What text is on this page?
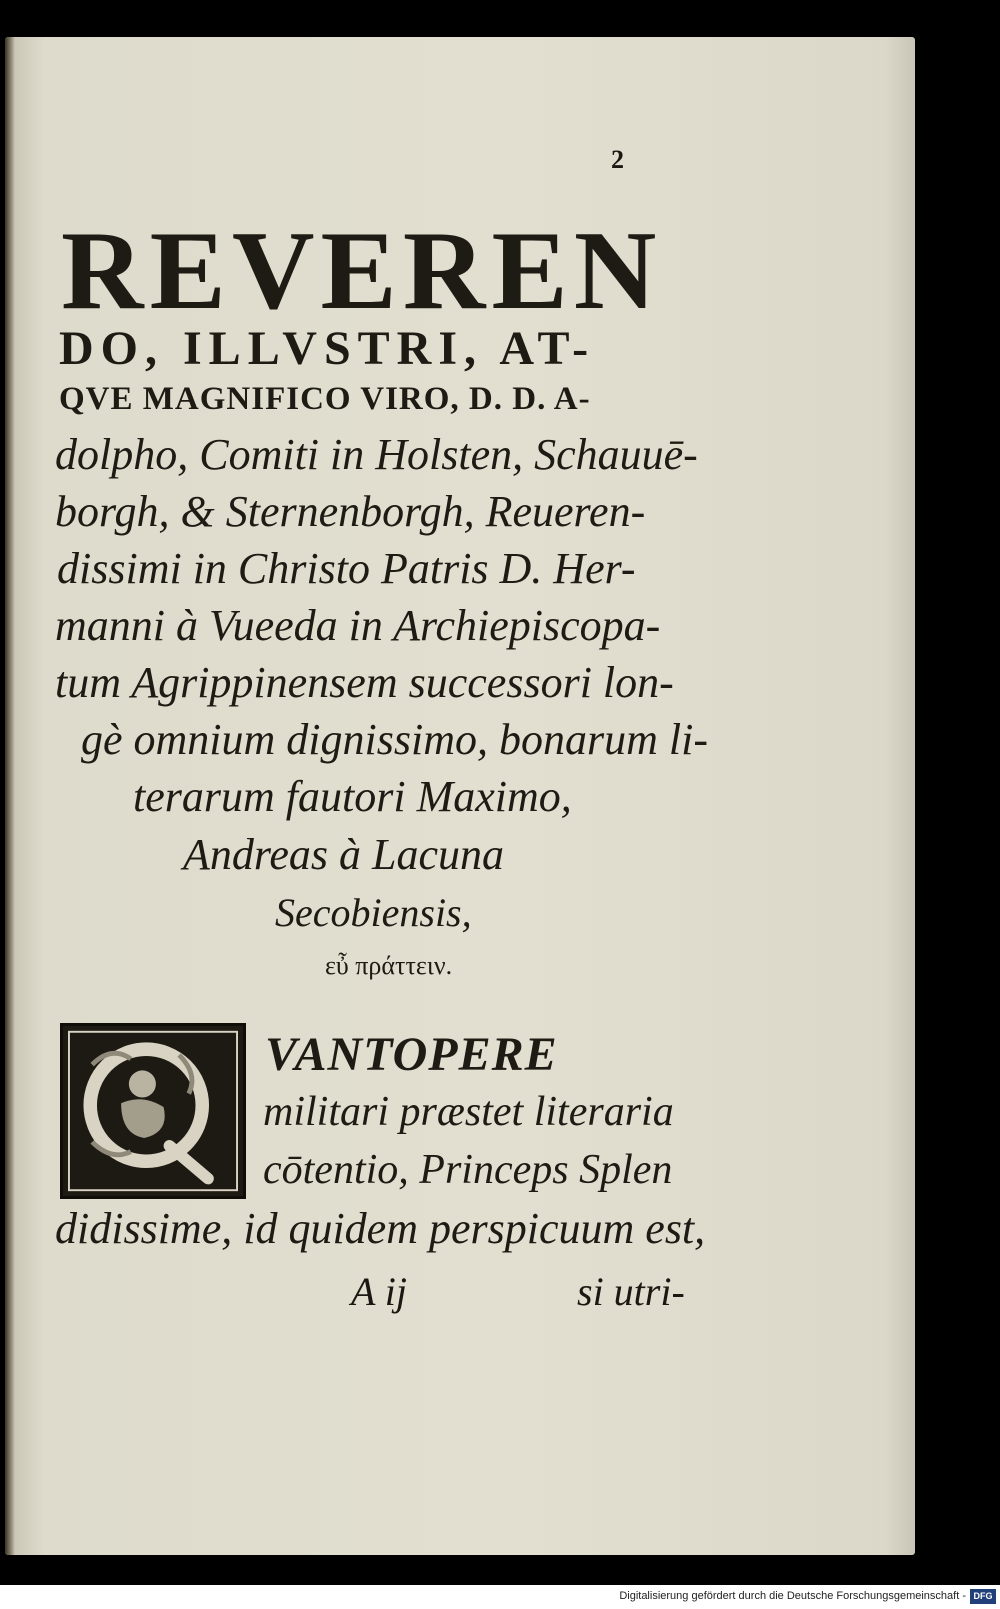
2
REVEREN
DO, ILLVSTRI, AT-
QVE MAGNIFICO VIRO, D. D. A-
dolpho, Comiti in Holsten, Schauuē-
borgh, & Sternenborgh, Reueren-
dissimi in Christo Patris D. Her-
manni à Vueeda in Archiepiscopa-
tum Agrippinensem successori lon-
gè omnium dignissimo, bonarum li-
terarum fautori Maximo,
Andreas à Lacuna
Secobiensis,
εὖ πράττειν.
VANTOPERE
militari præstet literaria
cōtentio, Princeps Splen
didissime, id quidem perspicuum est,
A ij	si utri-
Digitalisierung gefördert durch die Deutsche Forschungsgemeinschaft - DFG
